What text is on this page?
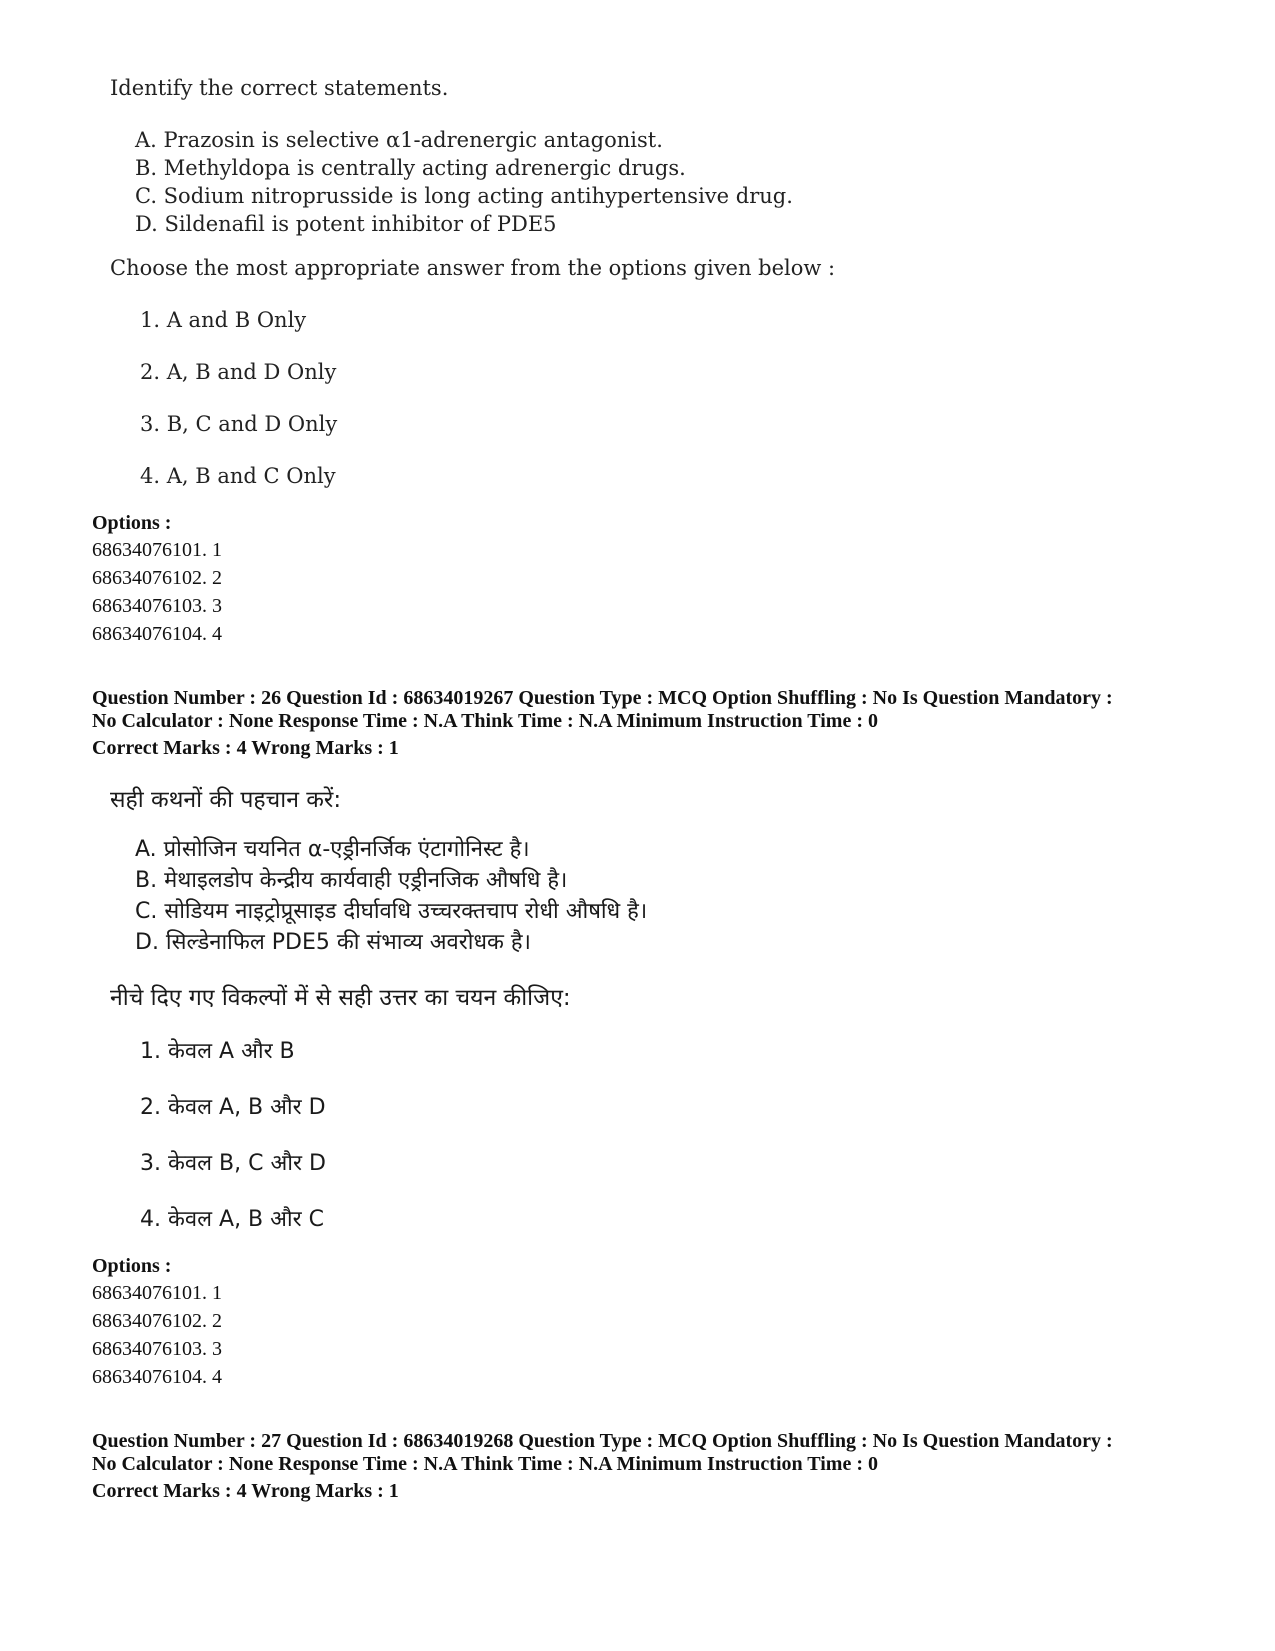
Identify the correct statements.
A. Prazosin is selective α1-adrenergic antagonist.
B. Methyldopa is centrally acting adrenergic drugs.
C. Sodium nitroprusside is long acting antihypertensive drug.
D. Sildenafil is potent inhibitor of PDE5
Choose the most appropriate answer from the options given below :
1. A and B Only
2. A, B and D Only
3. B, C and D Only
4. A, B and C Only
Options :
68634076101. 1
68634076102. 2
68634076103. 3
68634076104. 4
Question Number : 26 Question Id : 68634019267 Question Type : MCQ Option Shuffling : No Is Question Mandatory :
No Calculator : None Response Time : N.A Think Time : N.A Minimum Instruction Time : 0
Correct Marks : 4 Wrong Marks : 1
सही कथनों की पहचान करें:
A. प्रोसोजिन चयनित α-एड्रीनर्जिक एंटागोनिस्ट है।
B. मेथाइलडोप केन्द्रीय कार्यवाही एड्रीनजिक औषधि है।
C. सोडियम नाइट्रोप्रूसाइड दीर्घावधि उच्चरक्तचाप रोधी औषधि है।
D. सिल्डेनाफिल PDE5 की संभाव्य अवरोधक है।
नीचे दिए गए विकल्पों में से सही उत्तर का चयन कीजिए:
1. केवल A और B
2. केवल A, B और D
3. केवल B, C और D
4. केवल A, B और C
Options :
68634076101. 1
68634076102. 2
68634076103. 3
68634076104. 4
Question Number : 27 Question Id : 68634019268 Question Type : MCQ Option Shuffling : No Is Question Mandatory :
No Calculator : None Response Time : N.A Think Time : N.A Minimum Instruction Time : 0
Correct Marks : 4 Wrong Marks : 1
